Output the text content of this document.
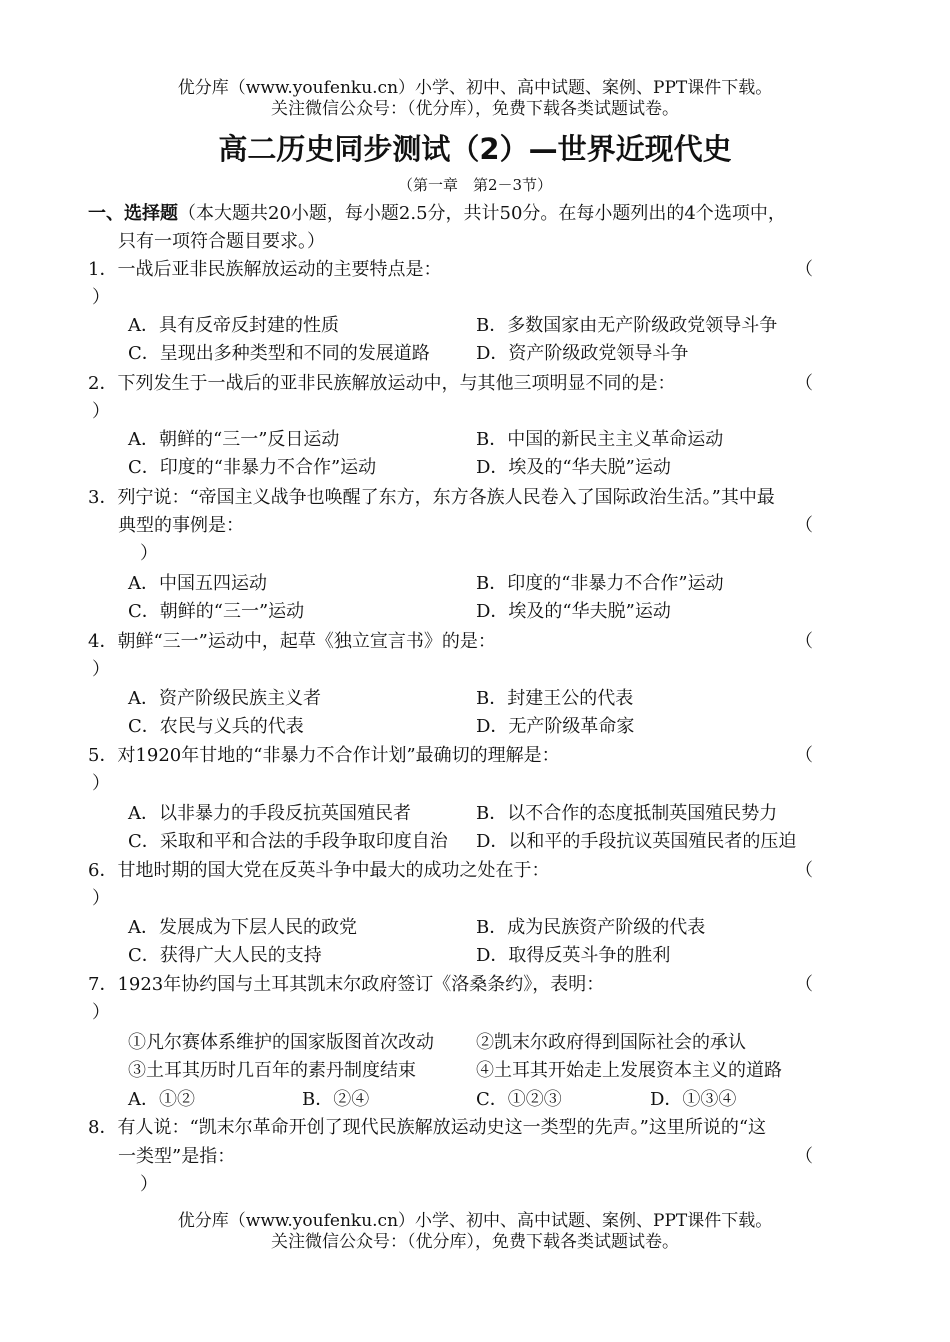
优分库（www.youfenku.cn）小学、初中、高中试题、案例、PPT课件下载。
关注微信公众号：（优分库），免费下载各类试题试卷。
高二历史同步测试（2）—世界近现代史
（第一章　第2－3节）
一、选择题（本大题共20小题，每小题2.5分，共计50分。在每小题列出的4个选项中，
只有一项符合题目要求。）
1．一战后亚非民族解放运动的主要特点是：	（
）
A．具有反帝反封建的性质	B．多数国家由无产阶级政党领导斗争
C．呈现出多种类型和不同的发展道路	D．资产阶级政党领导斗争
2．下列发生于一战后的亚非民族解放运动中，与其他三项明显不同的是：	（
）
A．朝鲜的“三一”反日运动	B．中国的新民主主义革命运动
C．印度的“非暴力不合作”运动	D．埃及的“华夫脱”运动
3．列宁说：“帝国主义战争也唤醒了东方，东方各族人民卷入了国际政治生活。”其中最
典型的事例是：	（
）
A．中国五四运动	B．印度的“非暴力不合作”运动
C．朝鲜的“三一”运动	D．埃及的“华夫脱”运动
4．朝鲜“三一”运动中，起草《独立宣言书》的是：	（
）
A．资产阶级民族主义者	B．封建王公的代表
C．农民与义兵的代表	D．无产阶级革命家
5．对1920年甘地的“非暴力不合作计划”最确切的理解是：	（
）
A．以非暴力的手段反抗英国殖民者	B．以不合作的态度抵制英国殖民势力
C．采取和平和合法的手段争取印度自治 D．以和平的手段抗议英国殖民者的压迫
6．甘地时期的国大党在反英斗争中最大的成功之处在于：	（
）
A．发展成为下层人民的政党	B．成为民族资产阶级的代表
C．获得广大人民的支持	D．取得反英斗争的胜利
7．1923年协约国与土耳其凯末尔政府签订《洛桑条约》，表明：	（
）
①凡尔赛体系维护的国家版图首次改动 ②凯末尔政府得到国际社会的承认
③土耳其历时几百年的素丹制度结束	④土耳其开始走上发展资本主义的道路
A．①②	B．②④	C．①②③	D．①③④
8．有人说：“凯末尔革命开创了现代民族解放运动史这一类型的先声。”这里所说的“这
一类型”是指：	（
）
优分库（www.youfenku.cn）小学、初中、高中试题、案例、PPT课件下载。
关注微信公众号：（优分库），免费下载各类试题试卷。
